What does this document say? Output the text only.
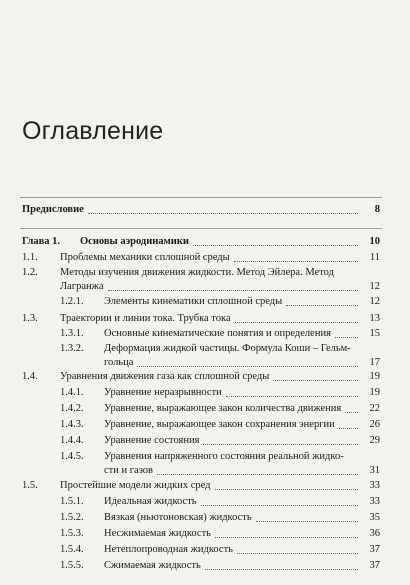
Оглавление
Предисловие	8
Глава 1. Основы аэродинамики	10
1.1. Проблемы механики сплошной среды	11
1.2. Методы изучения движения жидкости. Метод Эйлера. Метод
Лагранжа	12
1.2.1. Элементы кинематики сплошной среды	12
1.3. Траектории и линии тока. Трубка тока	13
1.3.1. Основные кинематические понятия и определения	15
1.3.2. Деформация жидкой частицы. Формула Коши – Гельм-
гольца	17
1.4. Уравнения движения газа как сплошной среды	19
1.4.1. Уравнение неразрывности	19
1.4.2. Уравнение, выражающее закон количества движения	22
1.4.3. Уравнение, выражающее закон сохранения энергии	26
1.4.4. Уравнение состояния	29
1.4.5. Уравнения напряженного состояния реальной жидко-
сти и газов	31
1.5. Простейшие модели жидких сред	33
1.5.1. Идеальная жидкость	33
1.5.2. Вязкая (ньютоновская) жидкость	35
1.5.3. Несжимаемая жидкость	36
1.5.4. Нетеплопроводная жидкость	37
1.5.5. Сжимаемая жидкость	37
